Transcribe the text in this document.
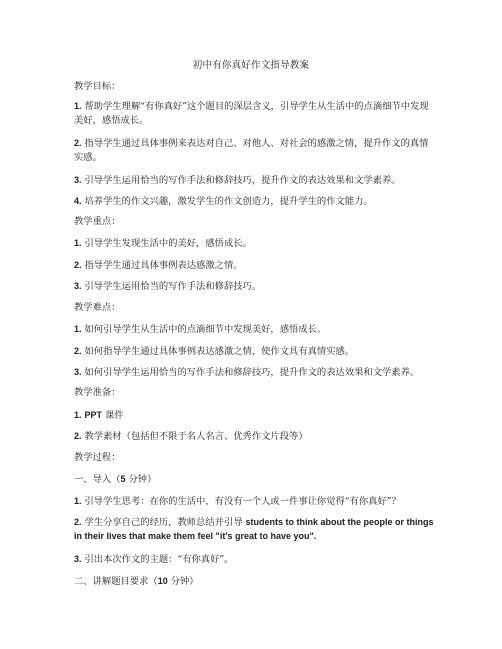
初中有你真好作文指导教案
教学目标：
1. 帮助学生理解“有你真好”这个题目的深层含义，引导学生从生活中的点滴细节中发现美好，感悟成长。
2. 指导学生通过具体事例来表达对自己、对他人、对社会的感激之情，提升作文的真情实感。
3. 引导学生运用恰当的写作手法和修辞技巧，提升作文的表达效果和文学素养。
4. 培养学生的作文兴趣，激发学生的作文创造力，提升学生的作文能力。
教学重点：
1. 引导学生发现生活中的美好，感悟成长。
2. 指导学生通过具体事例表达感激之情。
3. 引导学生运用恰当的写作手法和修辞技巧。
教学难点：
1. 如何引导学生从生活中的点滴细节中发现美好，感悟成长。
2. 如何指导学生通过具体事例表达感激之情，使作文具有真情实感。
3. 如何引导学生运用恰当的写作手法和修辞技巧，提升作文的表达效果和文学素养。
教学准备：
1. PPT 课件
2. 教学素材（包括但不限于名人名言、优秀作文片段等）
教学过程：
一、导入（5 分钟）
1. 引导学生思考：在你的生活中，有没有一个人或一件事让你觉得“有你真好”？
2. 学生分享自己的经历，教师总结并引导 students to think about the people or things in their lives that make them feel "it's great to have you".
3. 引出本次作文的主题：“有你真好”。
二、讲解题目要求（10 分钟）
